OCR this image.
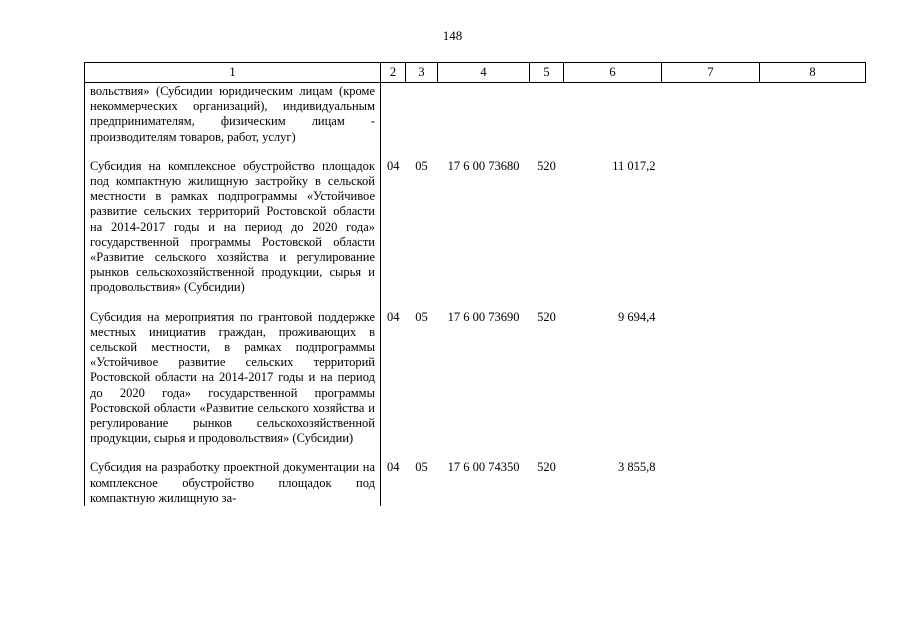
148
1	2	3	4	5	6	7	8
вольствия» (Субсидии юридическим лицам (кроме некоммерческих организаций), индивидуальным предпринимателям, физическим лицам - производителям товаров, работ, услуг)							
Субсидия на комплексное обустройство площадок под компактную жилищную застройку в сельской местности в рамках подпрограммы «Устойчивое развитие сельских территорий Ростовской области на 2014-2017 годы и на период до 2020 года» государственной программы Ростовской области «Развитие сельского хозяйства и регулирование рынков сельскохозяйственной продукции, сырья и продовольствия» (Субсидии)	04	05	17 6 00 73680	520	11 017,2		
Субсидия на мероприятия по грантовой поддержке местных инициатив граждан, проживающих в сельской местности, в рамках подпрограммы «Устойчивое развитие сельских территорий Ростовской области на 2014-2017 годы и на период до 2020 года» государственной программы Ростовской области «Развитие сельского хозяйства и регулирование рынков сельскохозяйственной продукции, сырья и продовольствия» (Субсидии)	04	05	17 6 00 73690	520	9 694,4		
Субсидия на разработку проектной документации на комплексное обустройство площадок под компактную жилищную за-	04	05	17 6 00 74350	520	3 855,8		
